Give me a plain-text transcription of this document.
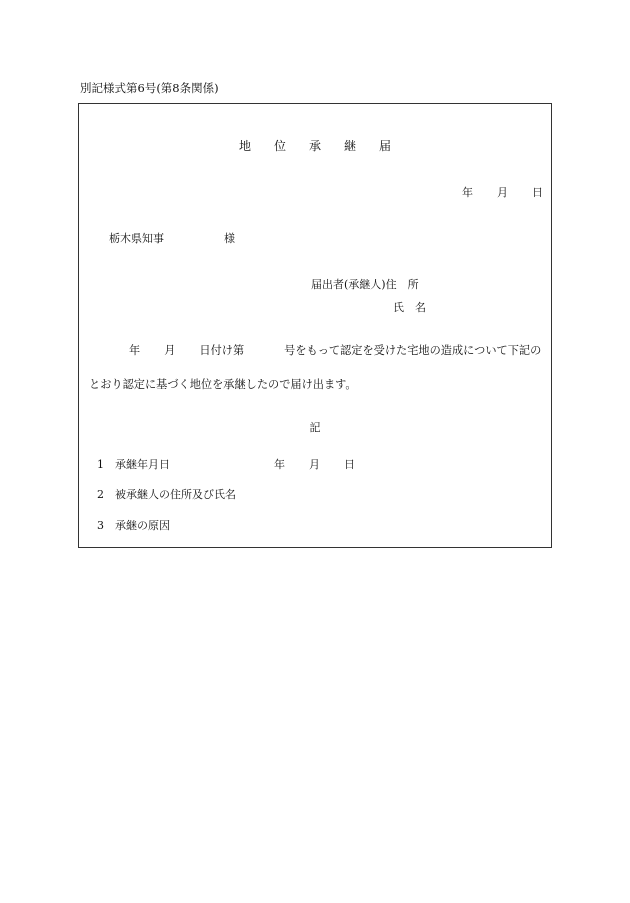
別記様式第6号(第8条関係)
地 位 承 継 届
年 月 日
栃木県知事	様
届出者(承継人)住　所
氏　名
年 月 日付け第	号をもって認定を受けた宅地の造成について下記の
とおり認定に基づく地位を承継したので届け出ます。
記
1 承継年月日	年 月 日
2 被承継人の住所及び氏名
3 承継の原因
